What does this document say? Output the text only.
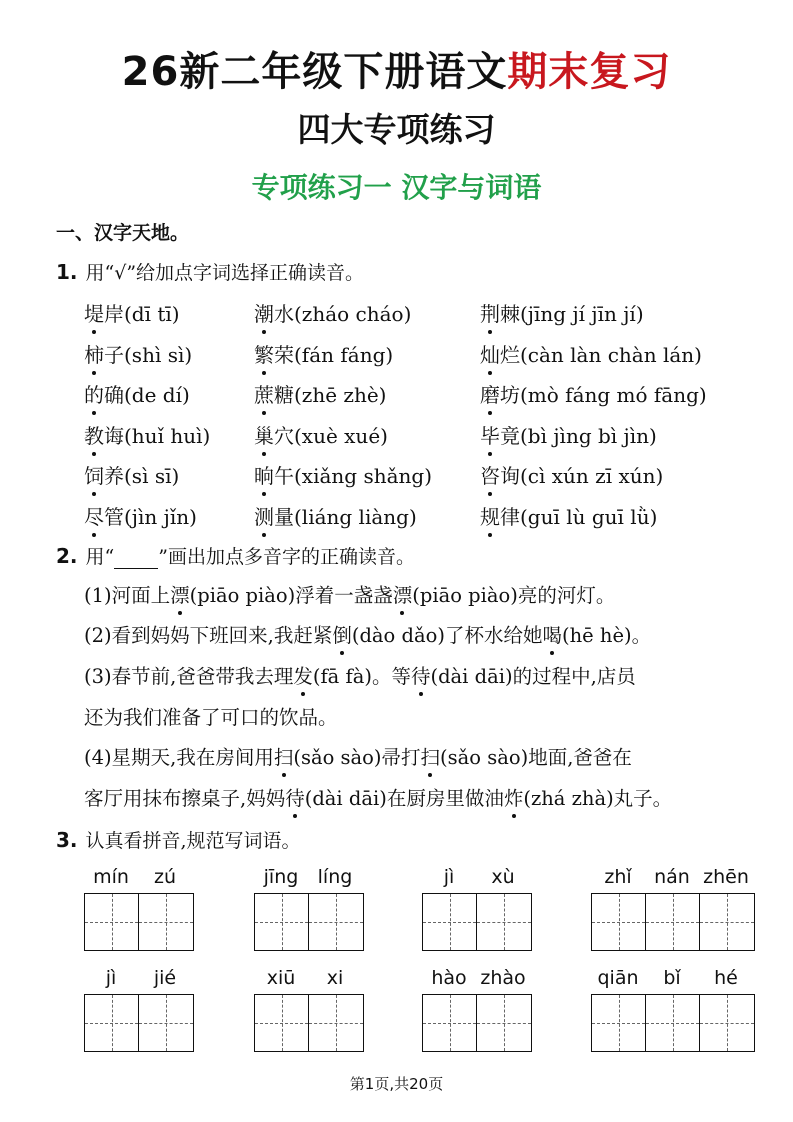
26新二年级下册语文期末复习
四大专项练习
专项练习一 汉字与词语
一、汉字天地。
1. 用“√”给加点字词选择正确读音。
堤岸(dī tī)	潮水(zháo cháo)	荆棘(jīng jí jīn jí)
柿子(shì sì)	繁荣(fán fáng)	灿烂(càn làn chàn lán)
的确(de dí)	蔗糖(zhē zhè)	磨坊(mò fáng mó fāng)
教诲(huǐ huì) 巢穴(xuè xué)	毕竟(bì jìng bì jìn)
饲养(sì sī)	晌午(xiǎng shǎng) 咨询(cì xún zī xún)
尽管(jìn jǐn)	测量(liáng liàng)	规律(guī lù guī lǜ)
2. 用“ ”画出加点多音字的正确读音。
(1)河面上漂(piāo piào)浮着一盏盏漂(piāo piào)亮的河灯。
(2)看到妈妈下班回来,我赶紧倒(dào dǎo)了杯水给她喝(hē hè)。
(3)春节前,爸爸带我去理发(fā fà)。等待(dài dāi)的过程中,店员
还为我们准备了可口的饮品。
(4)星期天,我在房间用扫(sǎo sào)帚打扫(sǎo sào)地面,爸爸在
客厅用抹布擦桌子,妈妈待(dài dāi)在厨房里做油炸(zhá zhà)丸子。
3. 认真看拼音,规范写词语。
mín	zú	jīng	líng	jì	xù	zhǐ	nán zhēn
jì	jié	xiū	xi	hào zhào	qiān	bǐ	hé
第1页,共20页
